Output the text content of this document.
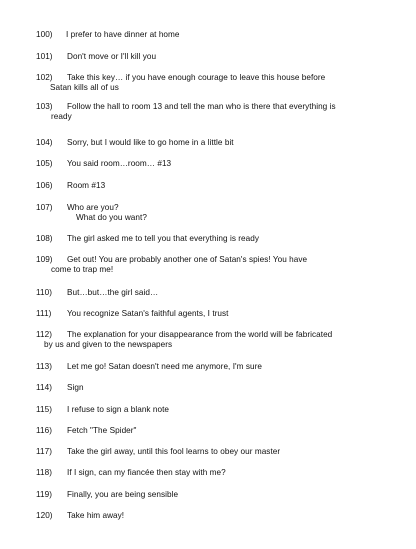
100)	I prefer to have dinner at home
101)	Don't move or I'll kill you
102)	Take this key… if you have enough courage to leave this house before
Satan kills all of us
103)	Follow the hall to room 13 and tell the man who is there that everything is
ready
104)	Sorry, but I would like to go home in a little bit
105)	You said room…room… #13
106)	Room #13
107)	Who are you?
What do you want?
108)	The girl asked me to tell you that everything is ready
109)	Get out! You are probably another one of Satan's spies! You have
come to trap me!
110)	But…but…the girl said…
111)	You recognize Satan's faithful agents, I trust
112)	The explanation for your disappearance from the world will be fabricated
by us and given to the newspapers
113)	Let me go! Satan doesn't need me anymore, I'm sure
114)	Sign
115)	I refuse to sign a blank note
116)	Fetch "The Spider"
117)	Take the girl away, until this fool learns to obey our master
118)	If I sign, can my fiancée then stay with me?
119)	Finally, you are being sensible
120)	Take him away!
